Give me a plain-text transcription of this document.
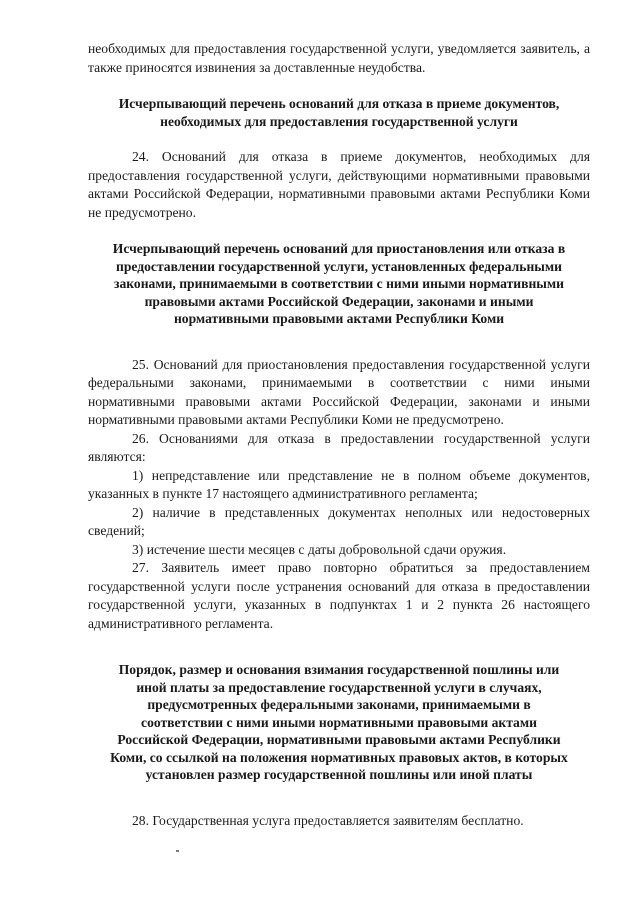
необходимых для предоставления государственной услуги, уведомляется заявитель, а также приносятся извинения за доставленные неудобства.

Исчерпывающий перечень оснований для отказа в приеме документов, необходимых для предоставления государственной услуги

24. Оснований для отказа в приеме документов, необходимых для предоставления государственной услуги, действующими нормативными правовыми актами Российской Федерации, нормативными правовыми актами Республики Коми не предусмотрено.

Исчерпывающий перечень оснований для приостановления или отказа в предоставлении государственной услуги, установленных федеральными законами, принимаемыми в соответствии с ними иными нормативными правовыми актами Российской Федерации, законами и иными нормативными правовыми актами Республики Коми

25. Оснований для приостановления предоставления государственной услуги федеральными законами, принимаемыми в соответствии с ними иными нормативными правовыми актами Российской Федерации, законами и иными нормативными правовыми актами Республики Коми не предусмотрено.

26. Основаниями для отказа в предоставлении государственной услуги являются:

1) непредставление или представление не в полном объеме документов, указанных в пункте 17 настоящего административного регламента;

2) наличие в представленных документах неполных или недостоверных сведений;

3) истечение шести месяцев с даты добровольной сдачи оружия.

27. Заявитель имеет право повторно обратиться за предоставлением государственной услуги после устранения оснований для отказа в предоставлении государственной услуги, указанных в подпунктах 1 и 2 пункта 26 настоящего административного регламента.

Порядок, размер и основания взимания государственной пошлины или иной платы за предоставление государственной услуги в случаях, предусмотренных федеральными законами, принимаемыми в соответствии с ними иными нормативными правовыми актами Российской Федерации, нормативными правовыми актами Республики Коми, со ссылкой на положения нормативных правовых актов, в которых установлен размер государственной пошлины или иной платы

28. Государственная услуга предоставляется заявителям бесплатно.
